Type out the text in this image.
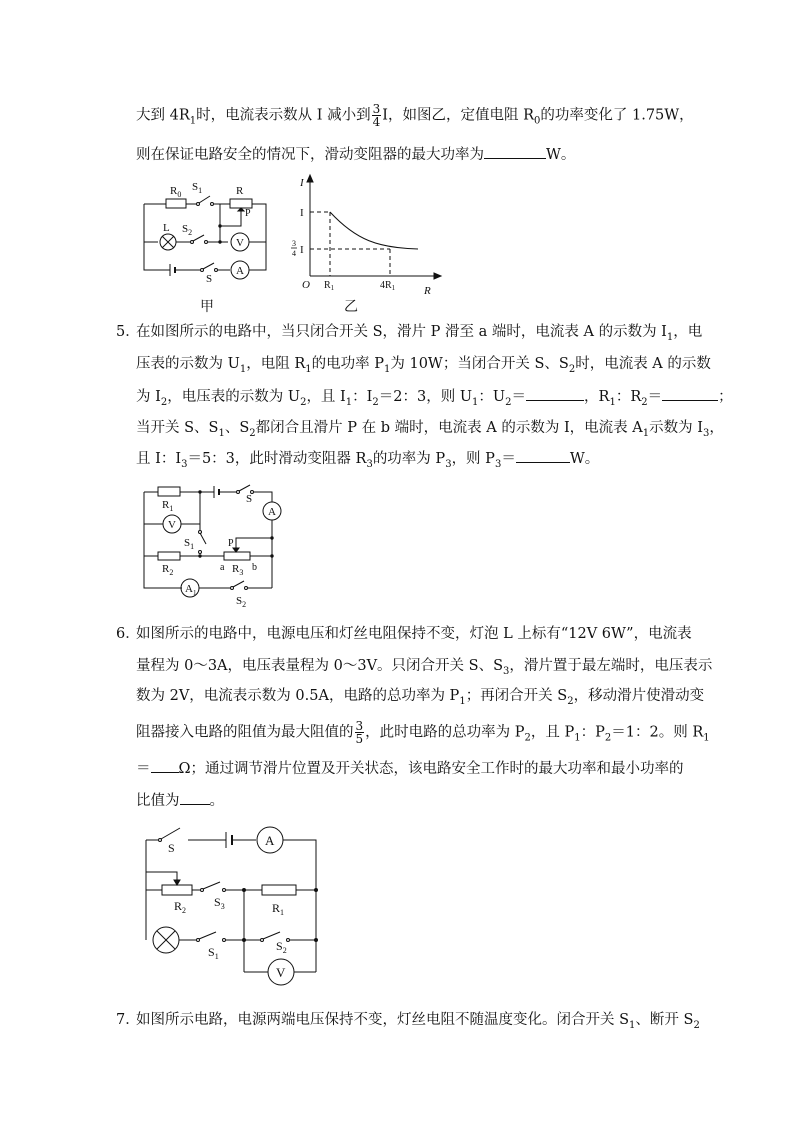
大到 $4R_1$时，电流表示数从 I 减小到 $\frac{3}{4}$ I，如图乙，定值电阻 $R_0$的功率变化了 1.75W，
则在保证电路安全的情况下，滑动变阻器的最大功率为	W。
$R_0$
$S_1$	R
P
L $S_2$
V
A
S
甲
I
I
3
4 I
O $R_1$	$4R_1$	R
乙
5．
在如图所示的电路中，当只闭合开关 S，滑片 P 滑至 a 端时，电流表 A 的示数为 $I_1$，电
压表的示数为 $U_1$，电阻 $R_1$的电功率 $P_1$为 10W；当闭合开关 S、$S_2$时，电流表 A 的示数
为 $I_2$，电压表的示数为 $U_2$，且 $I_1$：$I_2=2$：3，则 $U_1$：$U_2=$	，$R_1$：$R_2=$	；
当开关 S、$S_1$、$S_2$都闭合且滑片 P 在 b 端时，电流表 A 的示数为 I，电流表 $A_1$示数为 $I_3$，
且 I：$I_3=5$：3，此时滑动变阻器 $R_3$的功率为 $P_3$，则 $P_3=$	W。
$R_1$
S
A
V
$S_1$	P
$R_2$	a $R_3$ b
$A_1$
$S_2$
6．
如图所示的电路中，电源电压和灯丝电阻保持不变，灯泡 L 上标有“12V 6W”，电流表
量程为 0～3A，电压表量程为 0～3V。只闭合开关 S、$S_3$，滑片置于最左端时，电压表示
数为 2V，电流表示数为 0.5A，电路的总功率为 $P_1$；再闭合开关 $S_2$，移动滑片使滑动变
阻器接入电路的阻值为最大阻值的 $\frac{3}{5}$ ，此时电路的总功率为 $P_2$，且 $P_1$：$P_2=1$：2。则 $R_1$
＝ Ω；通过调节滑片位置及开关状态，该电路安全工作时的最大功率和最小功率的
比值为 。
S	A
$R_2$
$S_3$	$R_1$
$S_1$
$S_2$
V
7．
如图所示电路，电源两端电压保持不变，灯丝电阻不随温度变化。闭合开关 $S_1$、断开 $S_2$
